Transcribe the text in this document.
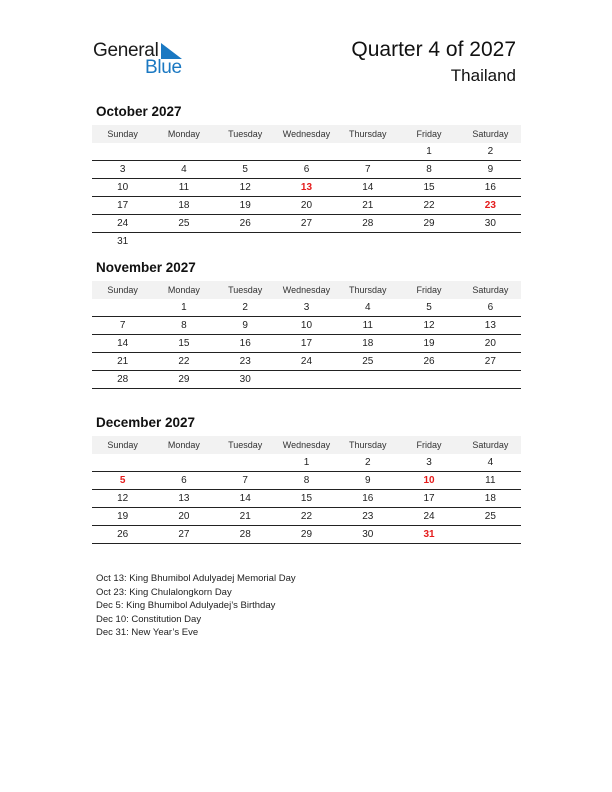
General
Blue
Quarter 4 of 2027
Thailand
October 2027
Sunday	Monday	Tuesday	Wednesday	Thursday	Friday	Saturday
					1	2
3	4	5	6	7	8	9
10	11	12	13	14	15	16
17	18	19	20	21	22	23
24	25	26	27	28	29	30
31						
November 2027
Sunday	Monday	Tuesday	Wednesday	Thursday	Friday	Saturday
	1	2	3	4	5	6
7	8	9	10	11	12	13
14	15	16	17	18	19	20
21	22	23	24	25	26	27
28	29	30				
December 2027
Sunday	Monday	Tuesday	Wednesday	Thursday	Friday	Saturday
			1	2	3	4
5	6	7	8	9	10	11
12	13	14	15	16	17	18
19	20	21	22	23	24	25
26	27	28	29	30	31	
Oct 13: King Bhumibol Adulyadej Memorial Day
Oct 23: King Chulalongkorn Day
Dec 5: King Bhumibol Adulyadej’s Birthday
Dec 10: Constitution Day
Dec 31: New Year’s Eve
